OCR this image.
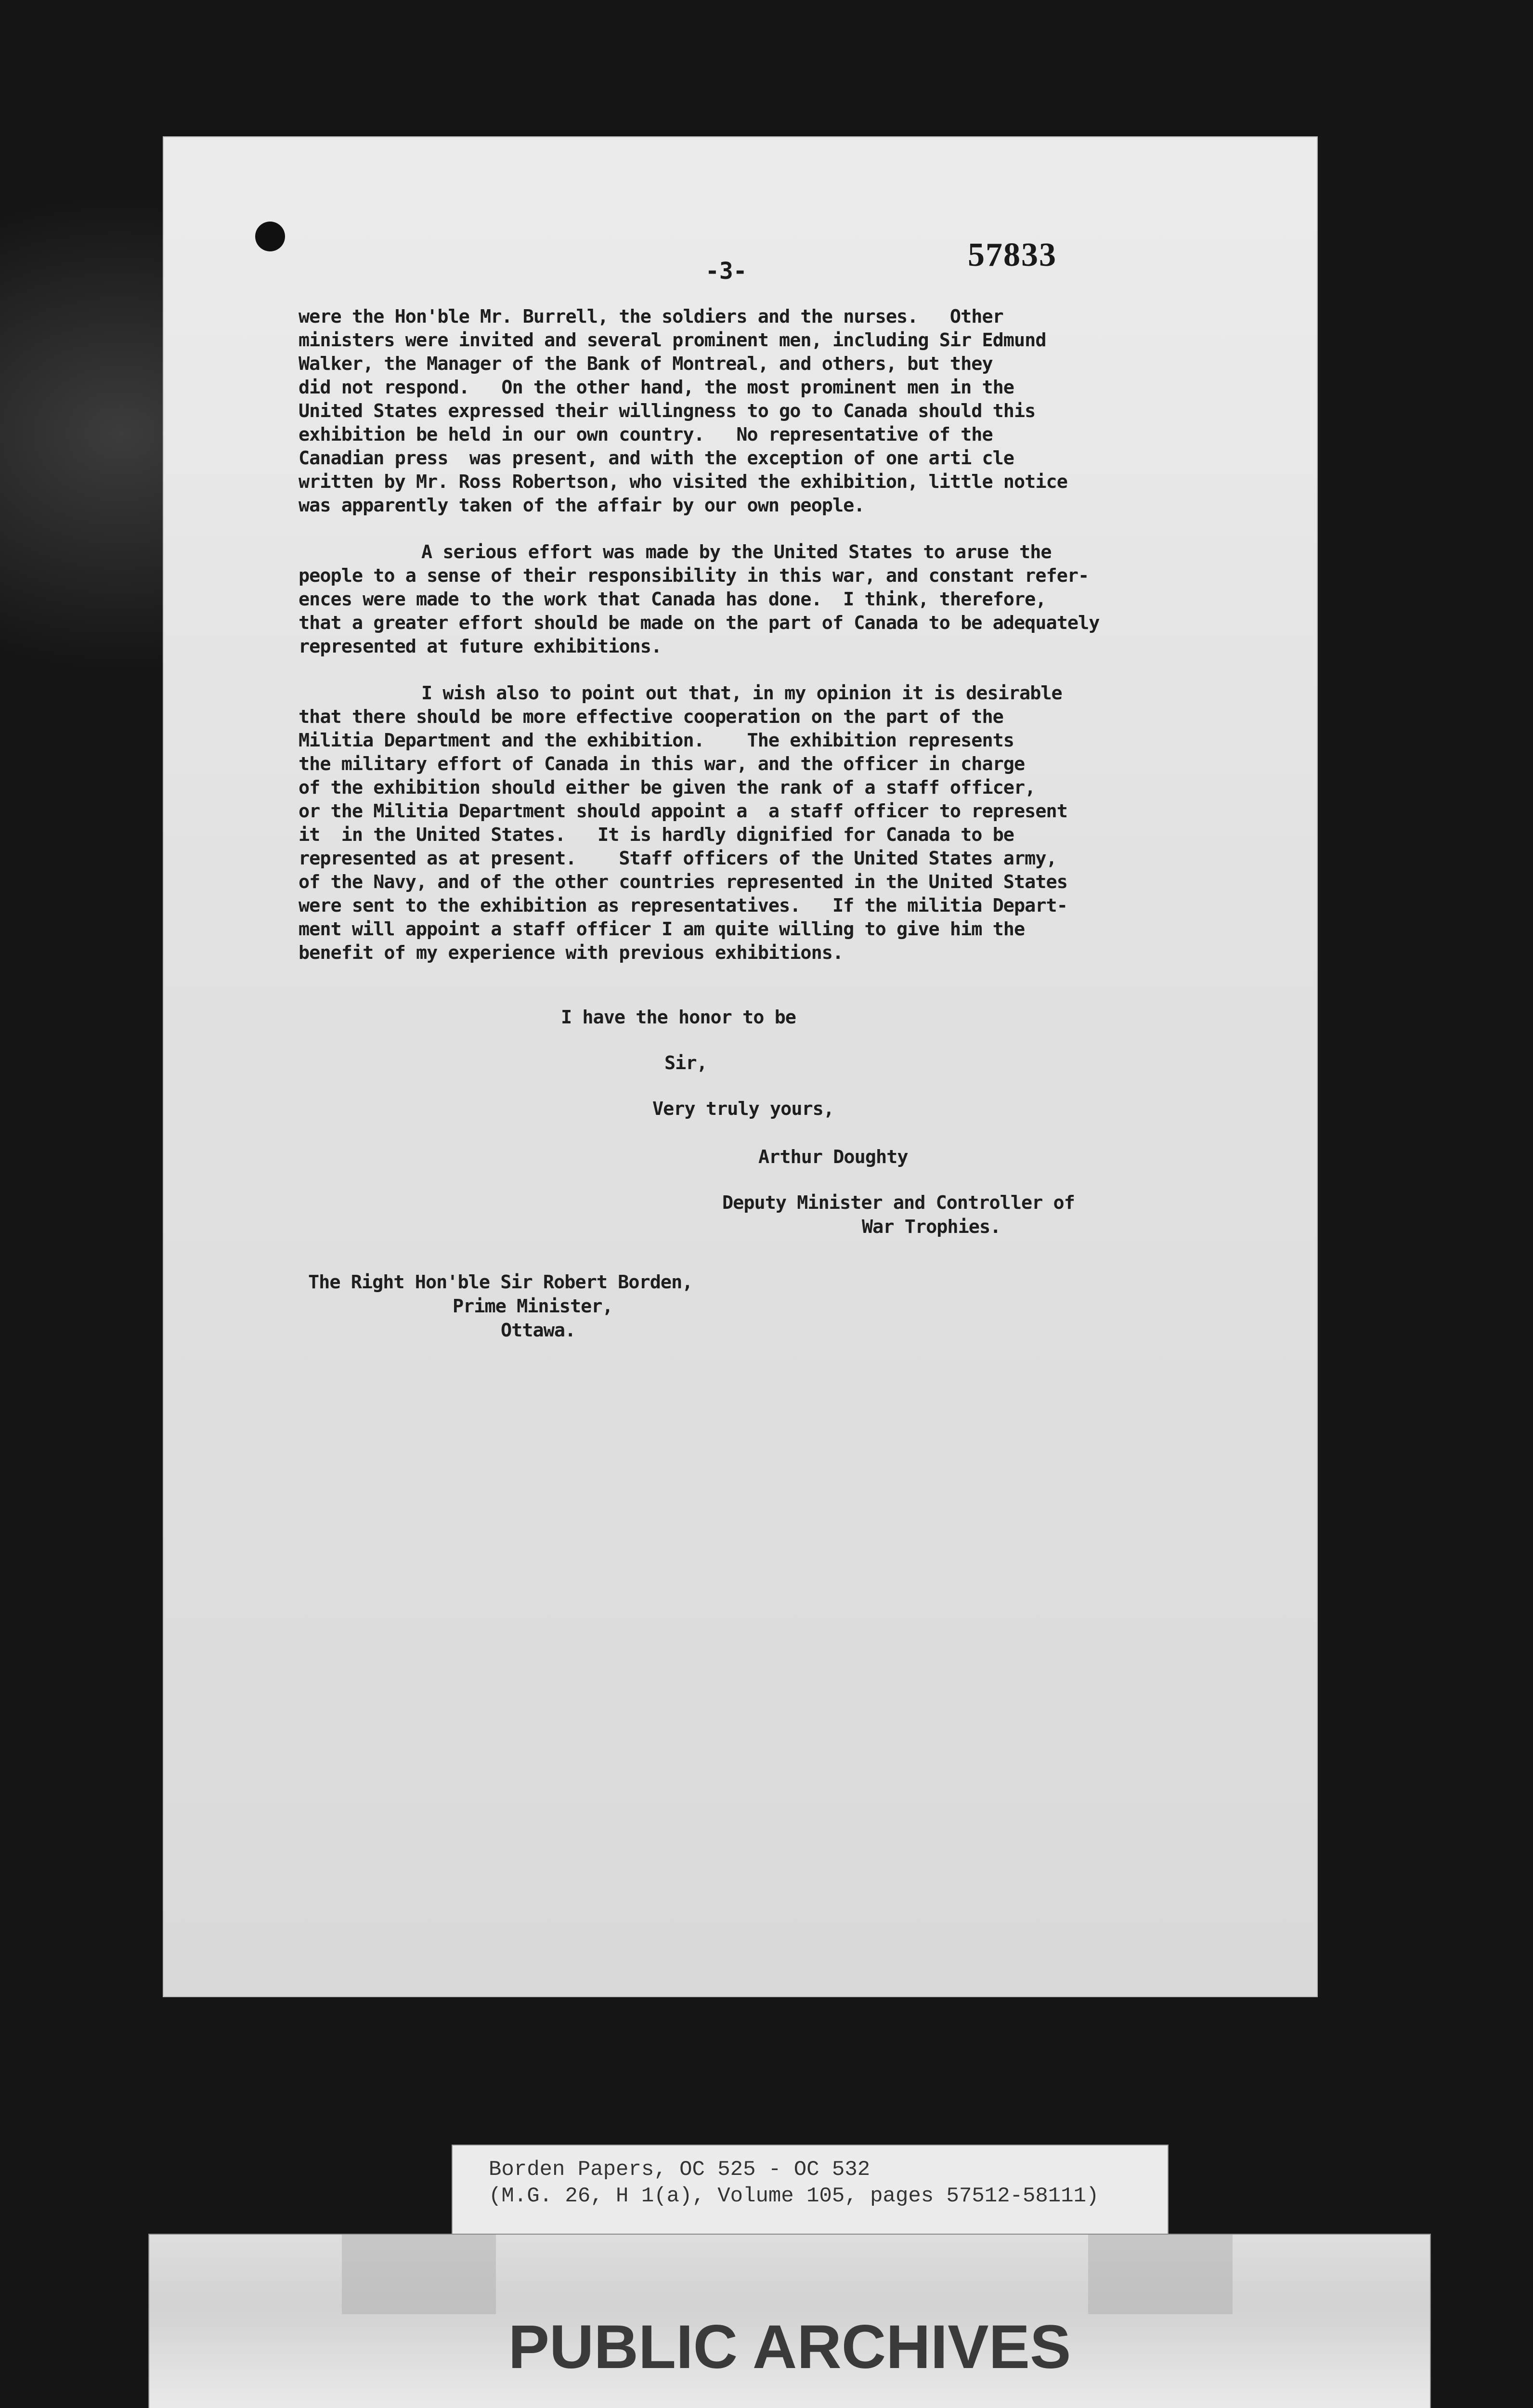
-3-	57833
were the Hon'ble Mr. Burrell, the soldiers and the nurses.   Other
ministers were invited and several prominent men, including Sir Edmund
Walker, the Manager of the Bank of Montreal, and others, but they
did not respond.   On the other hand, the most prominent men in the
United States expressed their willingness to go to Canada should this
exhibition be held in our own country.   No representative of the
Canadian press  was present, and with the exception of one arti cle
written by Mr. Ross Robertson, who visited the exhibition, little notice
was apparently taken of the affair by our own people.
A serious effort was made by the United States to aruse the
people to a sense of their responsibility in this war, and constant refer-
ences were made to the work that Canada has done.  I think, therefore,
that a greater effort should be made on the part of Canada to be adequately
represented at future exhibitions.
I wish also to point out that, in my opinion it is desirable
that there should be more effective cooperation on the part of the
Militia Department and the exhibition.    The exhibition represents
the military effort of Canada in this war, and the officer in charge
of the exhibition should either be given the rank of a staff officer,
or the Militia Department should appoint a  a staff officer to represent
it  in the United States.   It is hardly dignified for Canada to be
represented as at present.    Staff officers of the United States army,
of the Navy, and of the other countries represented in the United States
were sent to the exhibition as representatives.   If the militia Depart-
ment will appoint a staff officer I am quite willing to give him the
benefit of my experience with previous exhibitions.
I have the honor to be
Sir,
Very truly yours,
Arthur Doughty
Deputy Minister and Controller of
War Trophies.
The Right Hon'ble Sir Robert Borden,
Prime Minister,
Ottawa.
Borden Papers, OC 525 - OC 532
(M.G. 26, H 1(a), Volume 105, pages 57512-58111)
PUBLIC ARCHIVES
